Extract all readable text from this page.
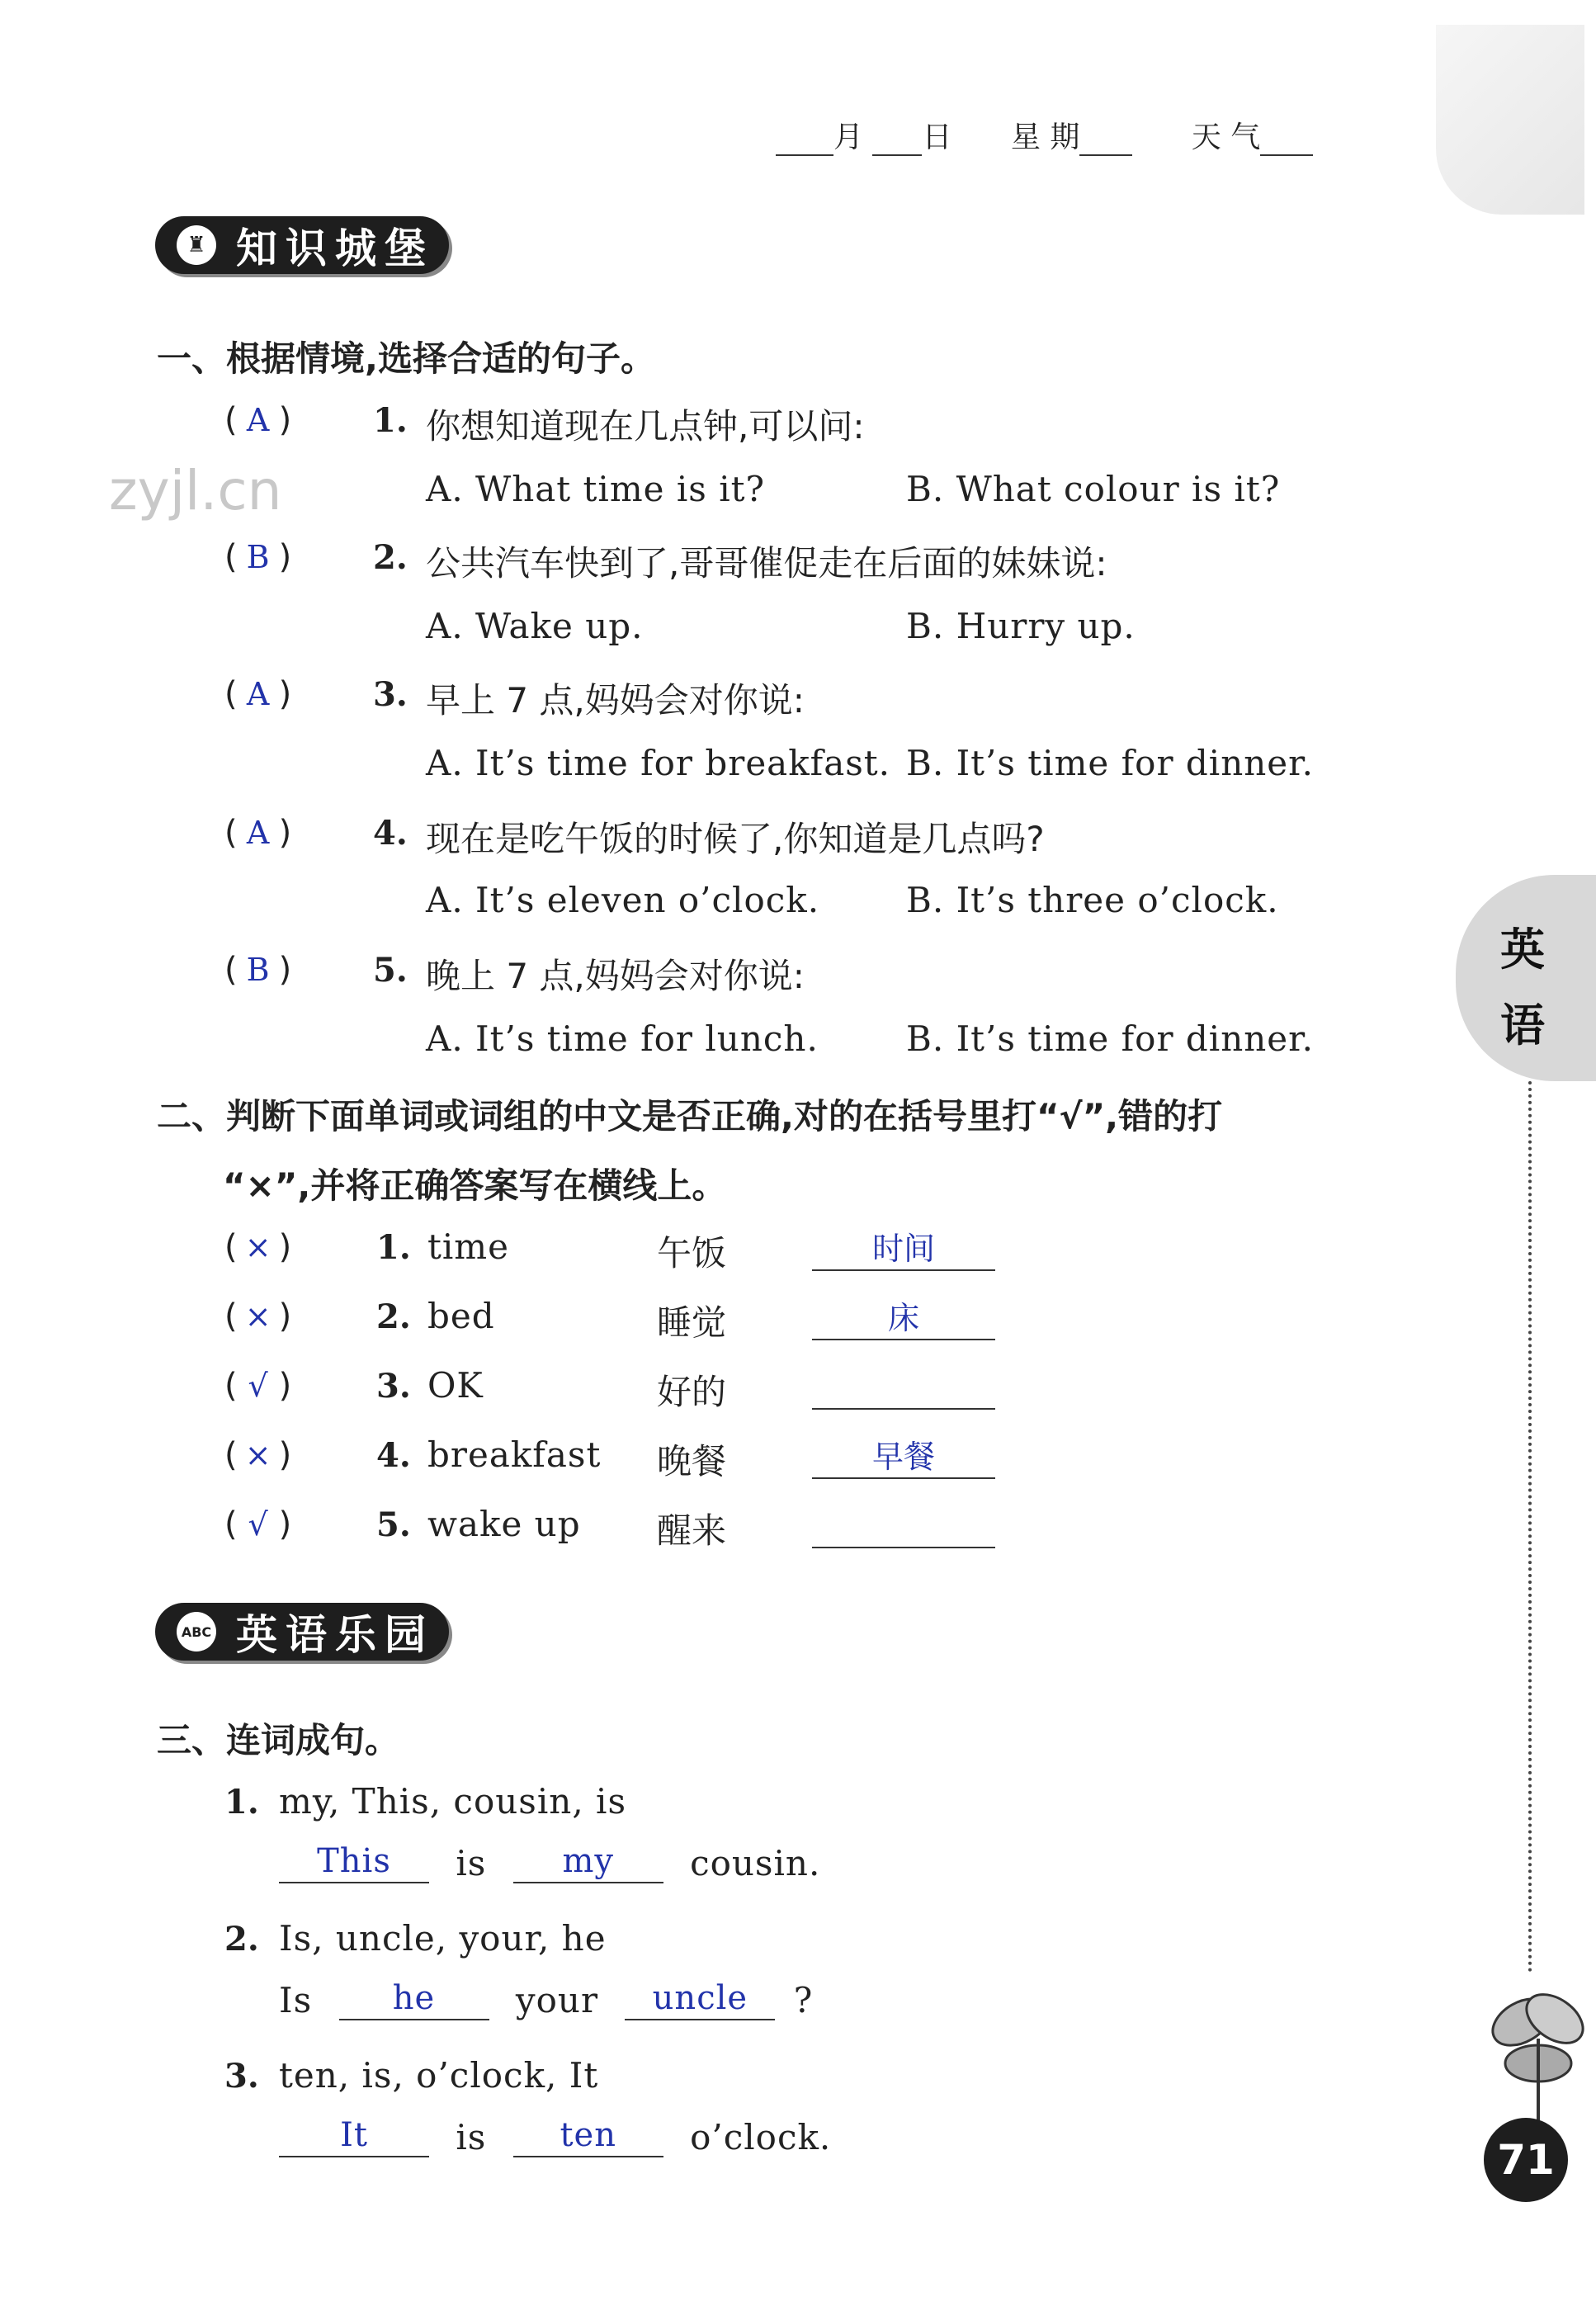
月 日 星 期	天 气
zyjl.cn
♜ 知识城堡
一、根据情境,选择合适的句子。
( A ) 1. 你想知道现在几点钟,可以问:
A. What time is it?	B. What colour is it?
( B ) 2. 公共汽车快到了,哥哥催促走在后面的妹妹说:
A. Wake up.	B. Hurry up.
( A ) 3. 早上 7 点,妈妈会对你说:
A. It’s time for breakfast. B. It’s time for dinner.
( A ) 4. 现在是吃午饭的时候了,你知道是几点吗?
A. It’s eleven o’clock. B. It’s three o’clock.
( B ) 5. 晚上 7 点,妈妈会对你说:
A. It’s time for lunch.	B. It’s time for dinner.
二、判断下面单词或词组的中文是否正确,对的在括号里打“√”,错的打
“×”,并将正确答案写在横线上。
( × )	1. time	午饭	时间
( × )	2. bed	睡觉	床
( √ )	3. OK	好的
( × )	4. breakfast 晚餐	早餐
( √ )	5. wake up 醒来
ABC 英语乐园
三、连词成句。
1. my, This, cousin, is
This is my cousin.
2. Is, uncle, your, he
Is he your uncle ?
3. ten, is, o’clock, It
It	is ten o’clock.
英
语
71
